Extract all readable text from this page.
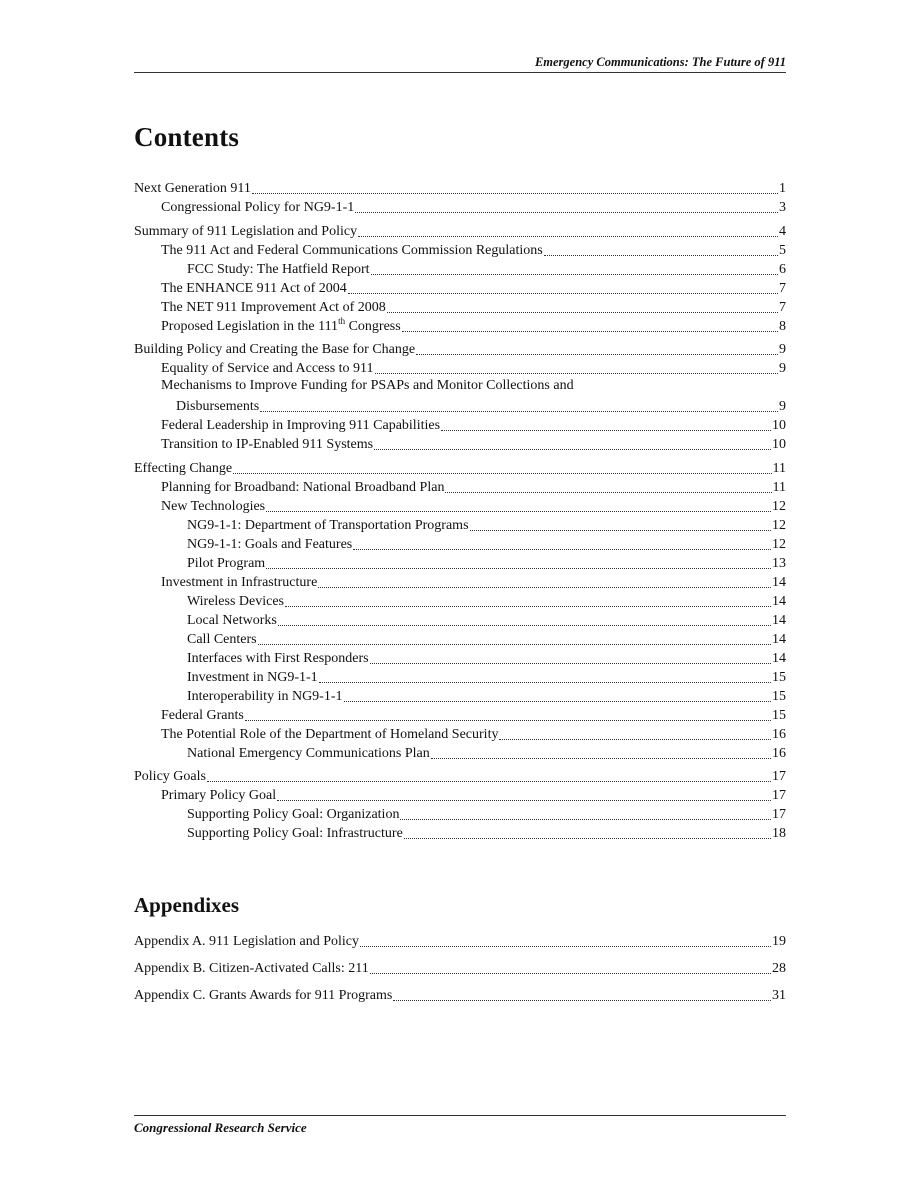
Emergency Communications: The Future of 911
Contents
Next Generation 911	1
Congressional Policy for NG9-1-1	3
Summary of 911 Legislation and Policy	4
The 911 Act and Federal Communications Commission Regulations	5
FCC Study: The Hatfield Report	6
The ENHANCE 911 Act of 2004	7
The NET 911 Improvement Act of 2008	7
Proposed Legislation in the 111th Congress	8
Building Policy and Creating the Base for Change	9
Equality of Service and Access to 911	9
Mechanisms to Improve Funding for PSAPs and Monitor Collections and
Disbursements	9
Federal Leadership in Improving 911 Capabilities	10
Transition to IP-Enabled 911 Systems	10
Effecting Change	11
Planning for Broadband: National Broadband Plan	11
New Technologies	12
NG9-1-1: Department of Transportation Programs	12
NG9-1-1: Goals and Features	12
Pilot Program	13
Investment in Infrastructure	14
Wireless Devices	14
Local Networks	14
Call Centers	14
Interfaces with First Responders	14
Investment in NG9-1-1	15
Interoperability in NG9-1-1	15
Federal Grants	15
The Potential Role of the Department of Homeland Security	16
National Emergency Communications Plan	16
Policy Goals	17
Primary Policy Goal	17
Supporting Policy Goal: Organization	17
Supporting Policy Goal: Infrastructure	18
Appendixes
Appendix A. 911 Legislation and Policy	19
Appendix B. Citizen-Activated Calls: 211	28
Appendix C. Grants Awards for 911 Programs	31
Congressional Research Service
